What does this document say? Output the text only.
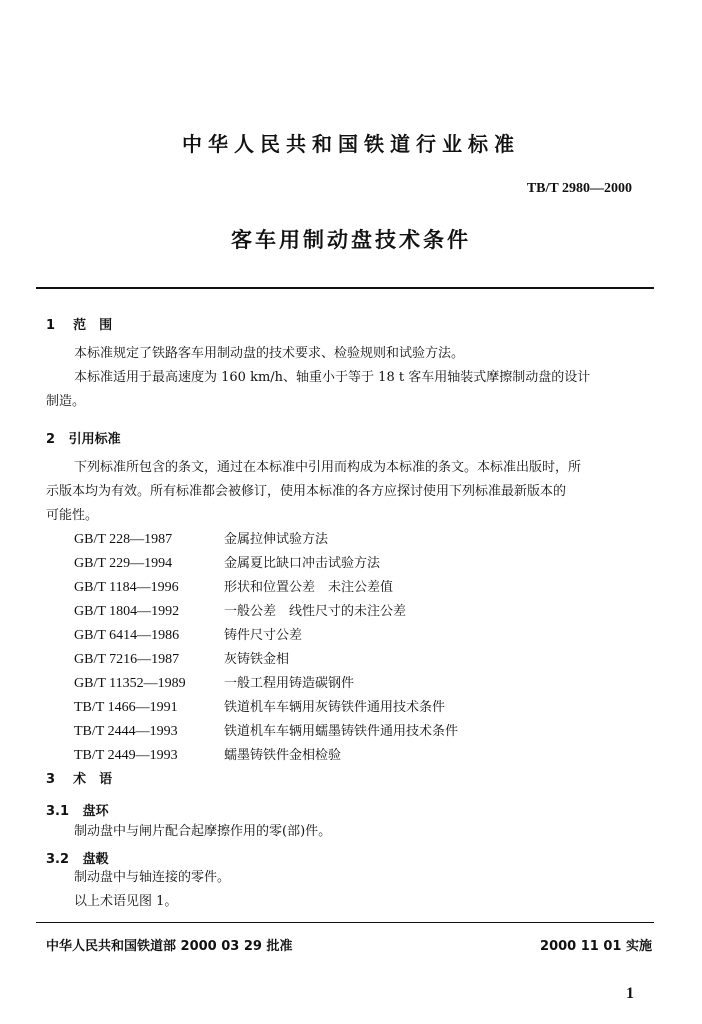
中华人民共和国铁道行业标准
TB/T 2980—2000
客车用制动盘技术条件
1 范　围
本标准规定了铁路客车用制动盘的技术要求、检验规则和试验方法。
本标准适用于最高速度为 160 km/h、轴重小于等于 18 t 客车用轴装式摩擦制动盘的设计
制造。
2 引用标准
下列标准所包含的条文，通过在本标准中引用而构成为本标准的条文。本标准出版时，所
示版本均为有效。所有标准都会被修订，使用本标准的各方应探讨使用下列标准最新版本的
可能性。
GB/T 228—1987	金属拉伸试验方法
GB/T 229—1994	金属夏比缺口冲击试验方法
GB/T 1184—1996	形状和位置公差　未注公差值
GB/T 1804—1992	一般公差　线性尺寸的未注公差
GB/T 6414—1986	铸件尺寸公差
GB/T 7216—1987	灰铸铁金相
GB/T 11352—1989	一般工程用铸造碳钢件
TB/T 1466—1991	铁道机车车辆用灰铸铁件通用技术条件
TB/T 2444—1993	铁道机车车辆用蠕墨铸铁件通用技术条件
TB/T 2449—1993	蠕墨铸铁件金相检验
3 术　语
3.1 盘环
制动盘中与闸片配合起摩擦作用的零(部)件。
3.2 盘毂
制动盘中与轴连接的零件。
以上术语见图 1。
中华人民共和国铁道部 2000 03 29 批准	2000 11 01 实施
1
